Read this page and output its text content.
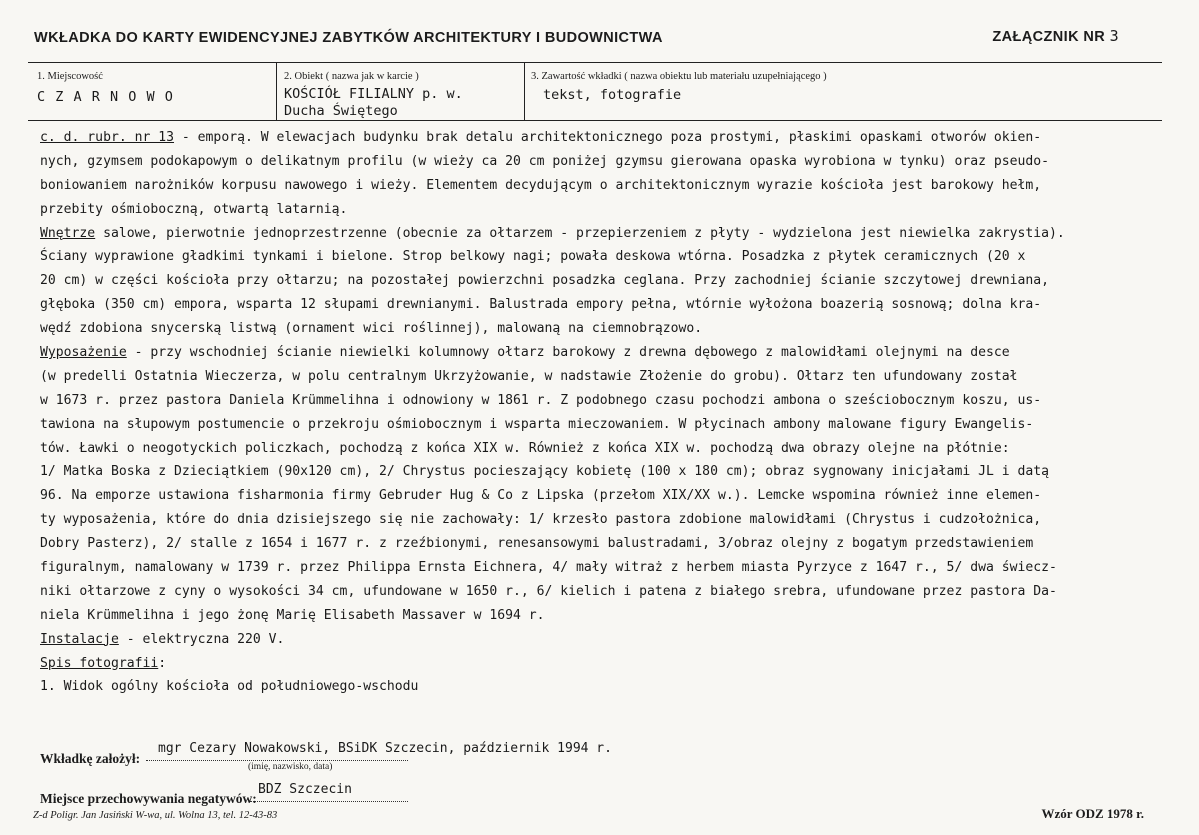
WKŁADKA DO KARTY EWIDENCYJNEJ ZABYTKÓW ARCHITEKTURY I BUDOWNICTWA	ZAŁĄCZNIK NR 3
1. Miejscowość
C Z A R N O W O
2. Obiekt ( nazwa jak w karcie )
KOŚCIÓŁ FILIALNY p. w.
Ducha Świętego
3. Zawartość wkładki ( nazwa obiektu lub materiału uzupełniającego )
tekst, fotografie
c. d. rubr. nr 13 - emporą. W elewacjach budynku brak detalu architektonicznego poza prostymi, płaskimi opaskami otworów okien-
nych, gzymsem podokapowym o delikatnym profilu (w wieży ca 20 cm poniżej gzymsu gierowana opaska wyrobiona w tynku) oraz pseudo-
boniowaniem narożników korpusu nawowego i wieży. Elementem decydującym o architektonicznym wyrazie kościoła jest barokowy hełm,
przebity ośmioboczną, otwartą latarnią.
Wnętrze salowe, pierwotnie jednoprzestrzenne (obecnie za ołtarzem - przepierzeniem z płyty - wydzielona jest niewielka zakrystia).
Ściany wyprawione gładkimi tynkami i bielone. Strop belkowy nagi; powała deskowa wtórna. Posadzka z płytek ceramicznych (20 x
20 cm) w części kościoła przy ołtarzu; na pozostałej powierzchni posadzka ceglana. Przy zachodniej ścianie szczytowej drewniana,
głęboka (350 cm) empora, wsparta 12 słupami drewnianymi. Balustrada empory pełna, wtórnie wyłożona boazerią sosnową; dolna kra-
wędź zdobiona snycerską listwą (ornament wici roślinnej), malowaną na ciemnobrązowo.
Wyposażenie - przy wschodniej ścianie niewielki kolumnowy ołtarz barokowy z drewna dębowego z malowidłami olejnymi na desce
(w predelli Ostatnia Wieczerza, w polu centralnym Ukrzyżowanie, w nadstawie Złożenie do grobu). Ołtarz ten ufundowany został
w 1673 r. przez pastora Daniela Krümmelihna i odnowiony w 1861 r. Z podobnego czasu pochodzi ambona o sześciobocznym koszu, us-
tawiona na słupowym postumencie o przekroju ośmiobocznym i wsparta mieczowaniem. W płycinach ambony malowane figury Ewangelis-
tów. Ławki o neogotyckich policzkach, pochodzą z końca XIX w. Również z końca XIX w. pochodzą dwa obrazy olejne na płótnie:
1/ Matka Boska z Dzieciątkiem (90x120 cm), 2/ Chrystus pocieszający kobietę (100 x 180 cm); obraz sygnowany inicjałami JL i datą
96. Na emporze ustawiona fisharmonia firmy Gebruder Hug & Co z Lipska (przełom XIX/XX w.). Lemcke wspomina również inne elemen-
ty wyposażenia, które do dnia dzisiejszego się nie zachowały: 1/ krzesło pastora zdobione malowidłami (Chrystus i cudzołożnica,
Dobry Pasterz), 2/ stalle z 1654 i 1677 r. z rzeźbionymi, renesansowymi balustradami, 3/obraz olejny z bogatym przedstawieniem
figuralnym, namalowany w 1739 r. przez Philippa Ernsta Eichnera, 4/ mały witraż z herbem miasta Pyrzyce z 1647 r., 5/ dwa świecz-
niki ołtarzowe z cyny o wysokości 34 cm, ufundowane w 1650 r., 6/ kielich i patena z białego srebra, ufundowane przez pastora Da-
niela Krümmelihna i jego żonę Marię Elisabeth Massaver w 1694 r.
Instalacje - elektryczna 220 V.
Spis fotografii:
1. Widok ogólny kościoła od południowego-wschodu
Wkładkę założył:
mgr Cezary Nowakowski, BSiDK Szczecin, październik 1994 r.
(imię, nazwisko, data)
Miejsce przechowywania negatywów:
BDZ Szczecin
Z-d Poligr. Jan Jasiński W-wa, ul. Wolna 13, tel. 12-43-83	Wzór ODZ 1978 r.
